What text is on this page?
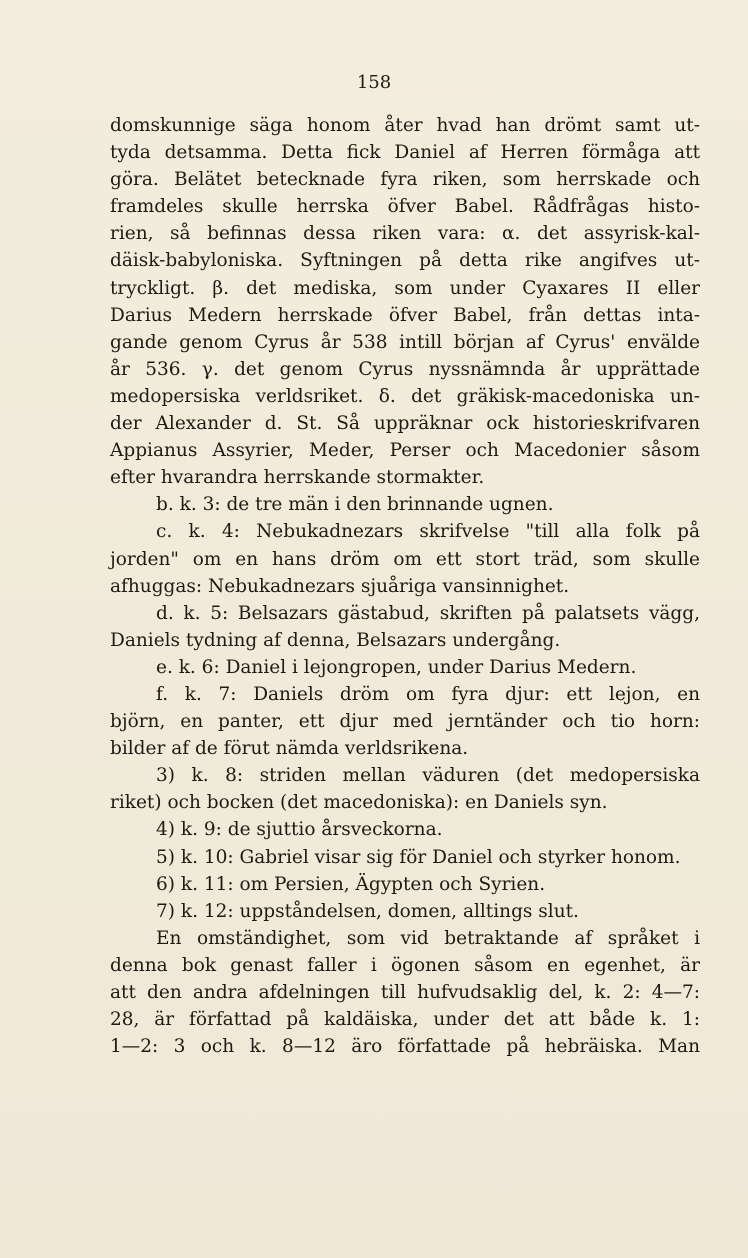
158
domskunnige säga honom åter hvad han drömt samt ut-
tyda detsamma. Detta fick Daniel af Herren förmåga att
göra. Belätet betecknade fyra riken, som herrskade och
framdeles skulle herrska öfver Babel. Rådfrågas histo-
rien, så befinnas dessa riken vara: α. det assyrisk-kal-
däisk-babyloniska. Syftningen på detta rike angifves ut-
tryckligt. β. det mediska, som under Cyaxares II eller
Darius Medern herrskade öfver Babel, från dettas inta-
gande genom Cyrus år 538 intill början af Cyrus' envälde
år 536. γ. det genom Cyrus nyssnämnda år upprättade
medopersiska verldsriket. δ. det gräkisk-macedoniska un-
der Alexander d. St. Så uppräknar ock historieskrifvaren
Appianus Assyrier, Meder, Perser och Macedonier såsom
efter hvarandra herrskande stormakter.
b. k. 3: de tre män i den brinnande ugnen.
c. k. 4: Nebukadnezars skrifvelse "till alla folk på
jorden" om en hans dröm om ett stort träd, som skulle
afhuggas: Nebukadnezars sjuåriga vansinnighet.
d. k. 5: Belsazars gästabud, skriften på palatsets vägg,
Daniels tydning af denna, Belsazars undergång.
e. k. 6: Daniel i lejongropen, under Darius Medern.
f. k. 7: Daniels dröm om fyra djur: ett lejon, en
björn, en panter, ett djur med jerntänder och tio horn:
bilder af de förut nämda verldsrikena.
3) k. 8: striden mellan väduren (det medopersiska
riket) och bocken (det macedoniska): en Daniels syn.
4) k. 9: de sjuttio årsveckorna.
5) k. 10: Gabriel visar sig för Daniel och styrker honom.
6) k. 11: om Persien, Ägypten och Syrien.
7) k. 12: uppståndelsen, domen, alltings slut.
En omständighet, som vid betraktande af språket i
denna bok genast faller i ögonen såsom en egenhet, är
att den andra afdelningen till hufvudsaklig del, k. 2: 4—7:
28, är författad på kaldäiska, under det att både k. 1:
1—2: 3 och k. 8—12 äro författade på hebräiska. Man
